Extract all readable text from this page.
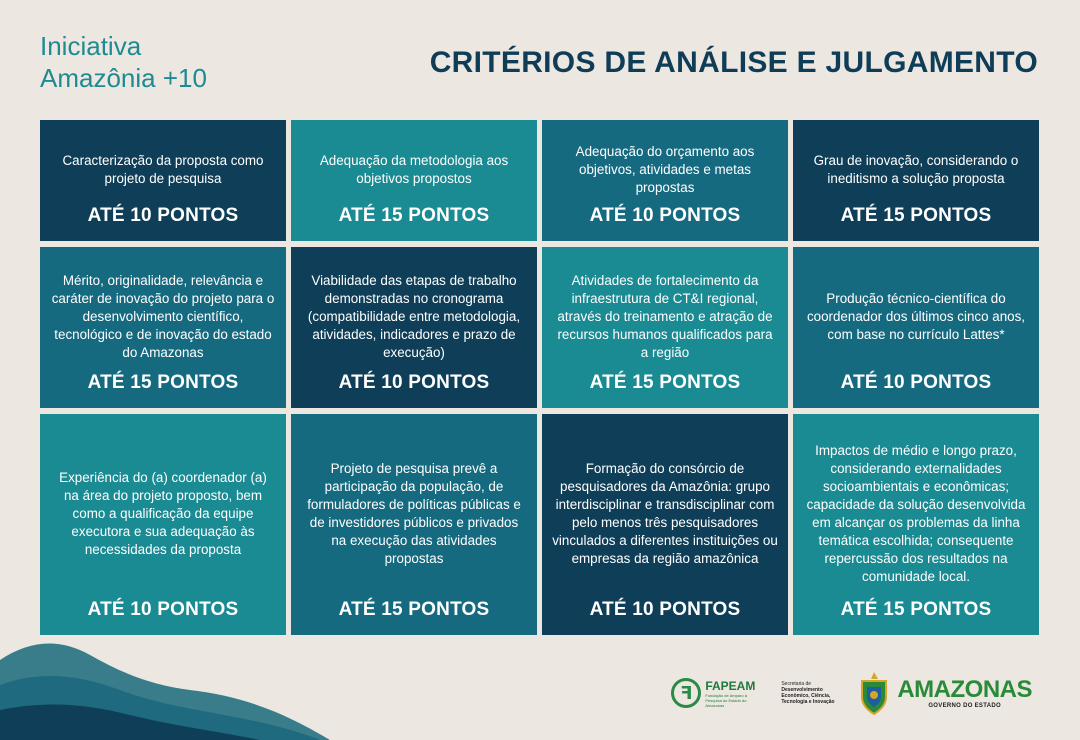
Iniciativa
Amazônia +10	CRITÉRIOS DE ANÁLISE E JULGAMENTO
Caracterização da proposta como projeto de pesquisa
ATÉ 10 PONTOS
Adequação da metodologia aos objetivos propostos
ATÉ 15 PONTOS
Adequação do orçamento aos objetivos, atividades e metas propostas
ATÉ 10 PONTOS
Grau de inovação, considerando o ineditismo a solução proposta
ATÉ 15 PONTOS
Mérito, originalidade, relevância e caráter de inovação do projeto para o desenvolvimento científico, tecnológico e de inovação do estado do Amazonas
ATÉ 15 PONTOS
Viabilidade das etapas de trabalho demonstradas no cronograma (compatibilidade entre metodologia, atividades, indicadores e prazo de execução)
ATÉ 10 PONTOS
Atividades de fortalecimento da infraestrutura de CT&I regional, através do treinamento e atração de recursos humanos qualificados para a região
ATÉ 15 PONTOS
Produção técnico-científica do coordenador dos últimos cinco anos, com base no currículo Lattes*
ATÉ 10 PONTOS
Experiência do (a) coordenador (a) na área do projeto proposto, bem como a qualificação da equipe executora e sua adequação às necessidades da proposta
ATÉ 10 PONTOS
Projeto de pesquisa prevê a participação da população, de formuladores de políticas públicas e de investidores públicos e privados na execução das atividades propostas
ATÉ 15 PONTOS
Formação do consórcio de pesquisadores da Amazônia: grupo interdisciplinar e transdisciplinar com pelo menos três pesquisadores vinculados a diferentes instituições ou empresas da região amazônica
ATÉ 10 PONTOS
Impactos de médio e longo prazo, considerando externalidades socioambientais e econômicas; capacidade da solução desenvolvida em alcançar os problemas da linha temática escolhida; consequente repercussão dos resultados na comunidade local.
ATÉ 15 PONTOS
ꟻ	FAPEAM
Fundação de Amparo à Pesquisa do Estado do Amazonas
Secretaria de
Desenvolvimento
Econômico, Ciência, Tecnologia e Inovação	AMAZONAS
GOVERNO DO ESTADO
